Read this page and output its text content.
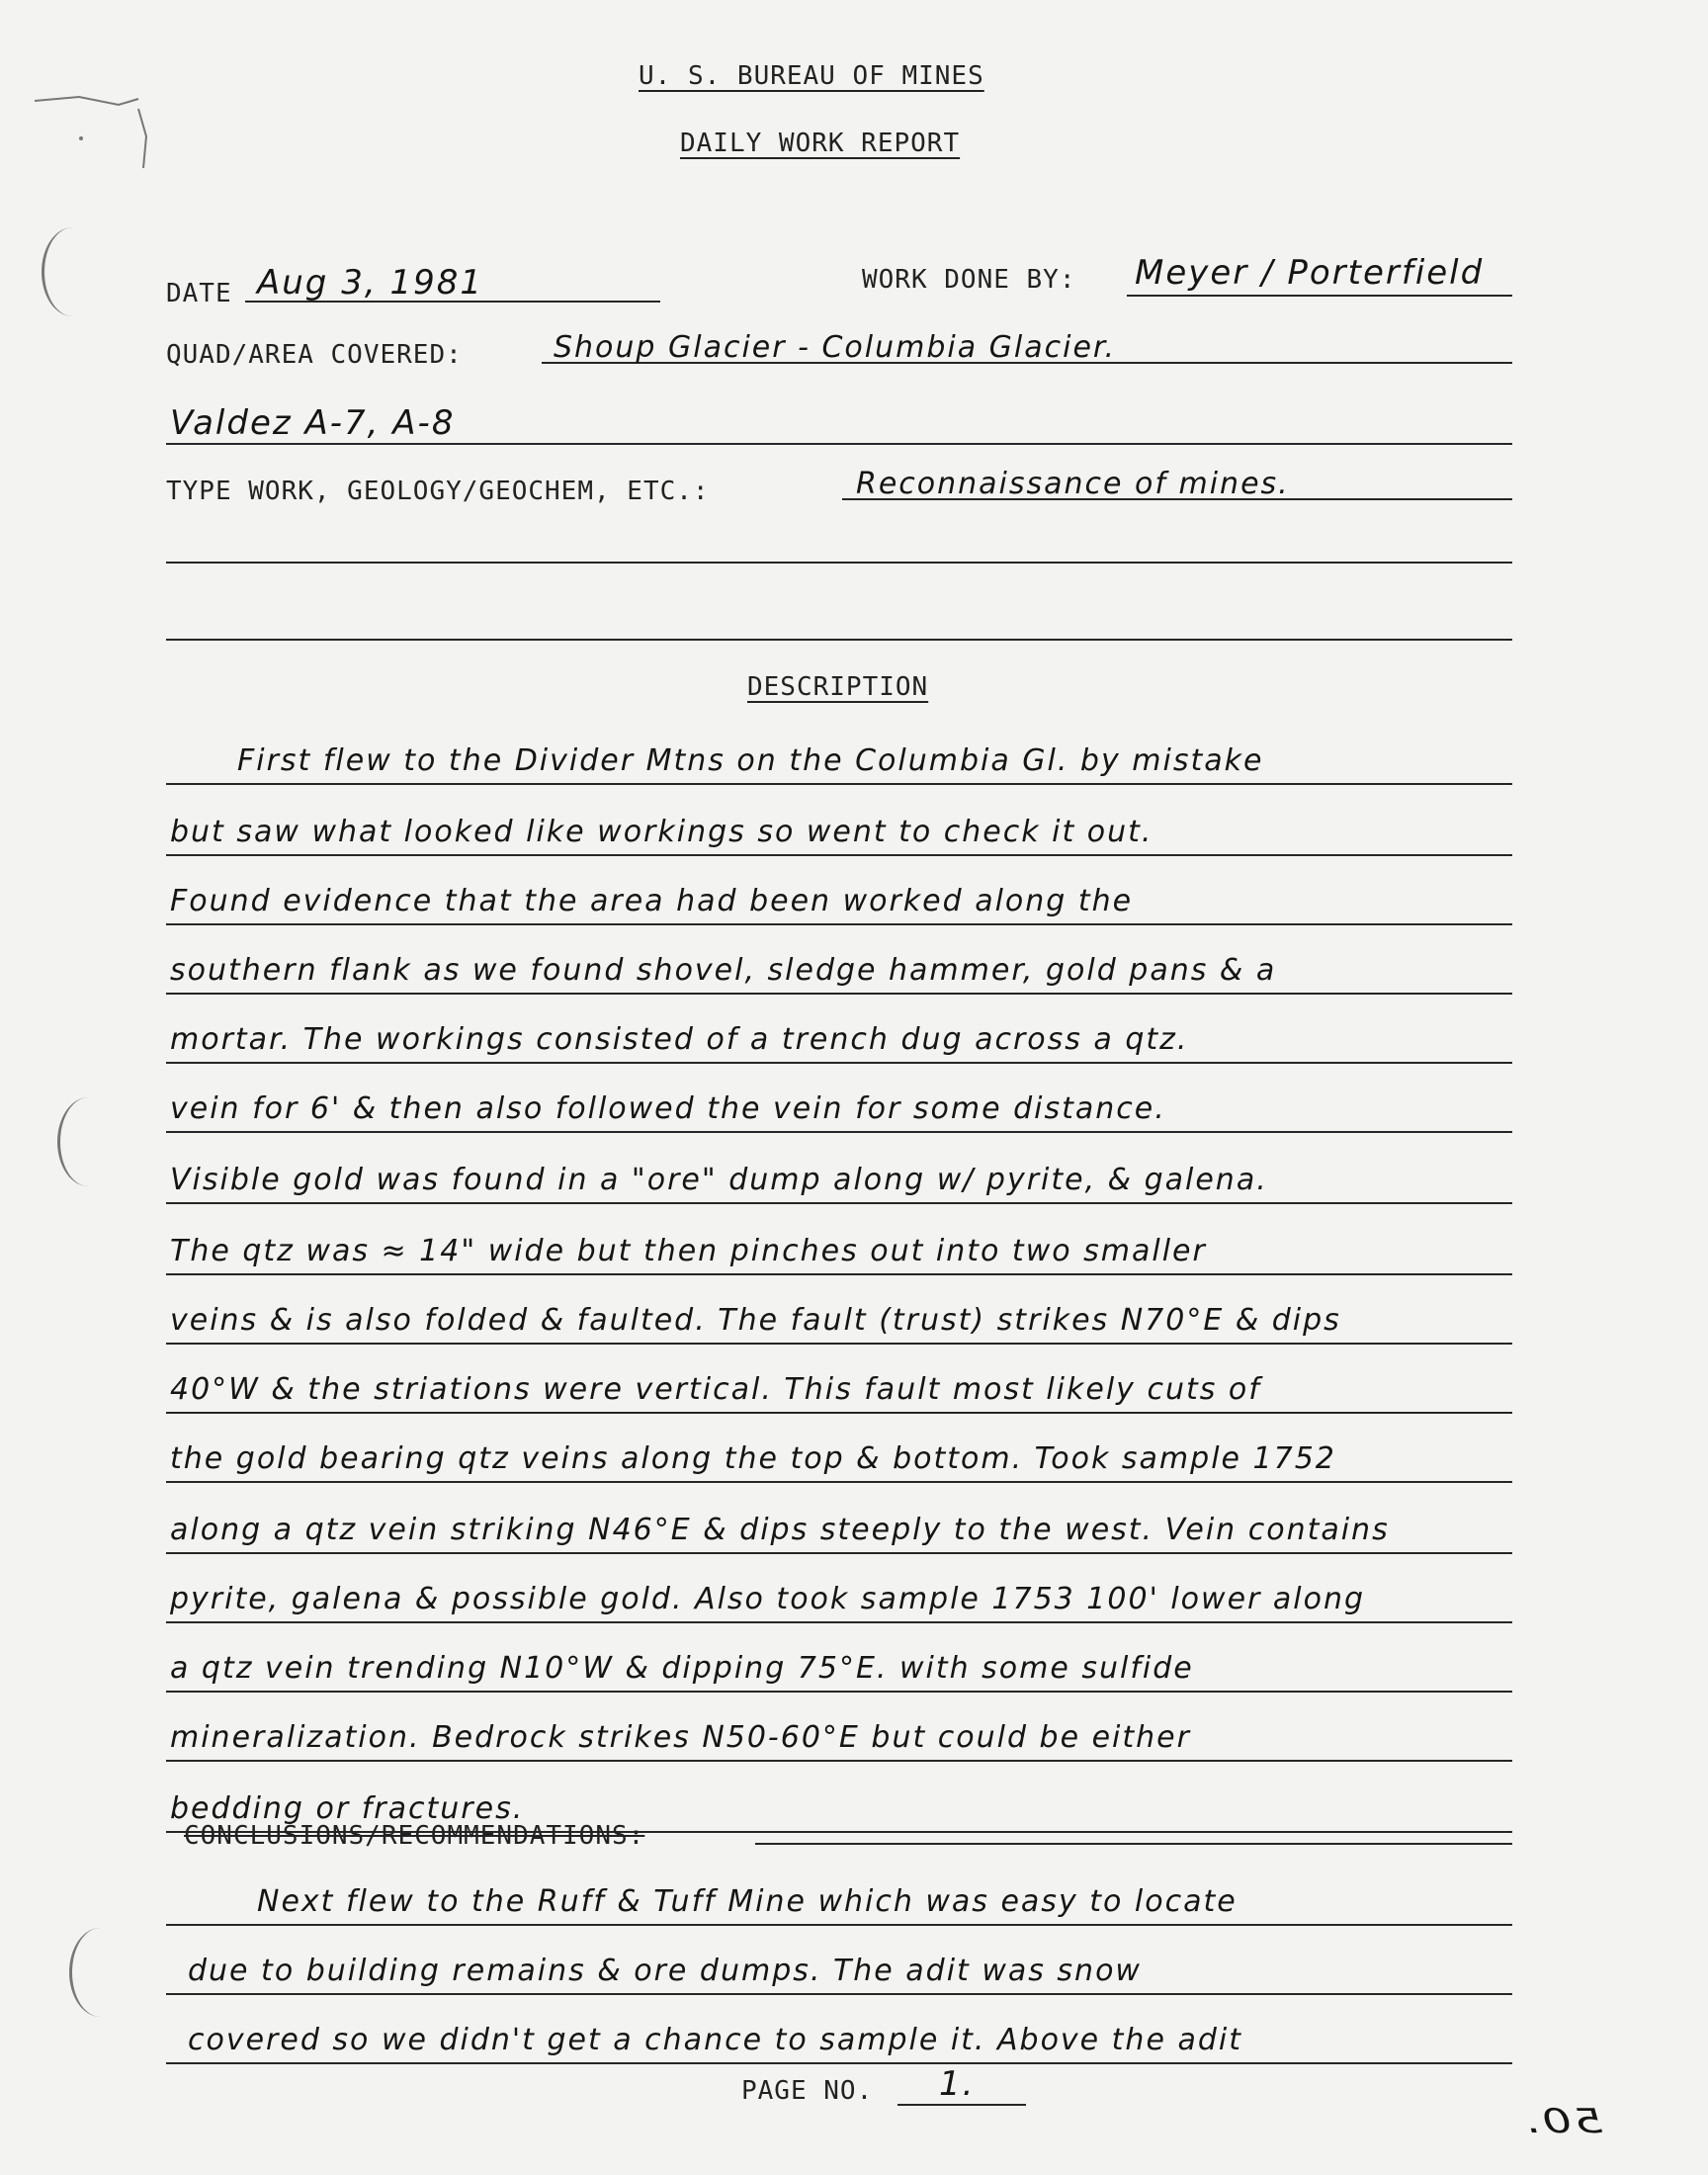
U. S. BUREAU OF MINES
DAILY WORK REPORT
DATE Aug 3, 1981	WORK DONE BY: Meyer / Porterfield
QUAD/AREA COVERED:	Shoup Glacier - Columbia Glacier.
Valdez A-7, A-8
TYPE WORK, GEOLOGY/GEOCHEM, ETC.:	Reconnaissance of mines.
DESCRIPTION
First flew to the Divider Mtns on the Columbia Gl. by mistake
but saw what looked like workings so went to check it out.
Found evidence that the area had been worked along the
southern flank as we found shovel, sledge hammer, gold pans & a
mortar. The workings consisted of a trench dug across a qtz.
vein for 6' & then also followed the vein for some distance.
Visible gold was found in a "ore" dump along w/ pyrite, & galena.
The qtz was ≈ 14" wide but then pinches out into two smaller
veins & is also folded & faulted. The fault (trust) strikes N70°E & dips
40°W & the striations were vertical. This fault most likely cuts of
the gold bearing qtz veins along the top & bottom. Took sample 1752
along a qtz vein striking N46°E & dips steeply to the west. Vein contains
pyrite, galena & possible gold. Also took sample 1753 100' lower along
a qtz vein trending N10°W & dipping 75°E. with some sulfide
mineralization. Bedrock strikes N50-60°E but could be either
bedding or fractures.
CONCLUSIONS/RECOMMENDATIONS:
Next flew to the Ruff & Tuff Mine which was easy to locate
due to building remains & ore dumps. The adit was snow
covered so we didn't get a chance to sample it. Above the adit
PAGE NO. 1.
50.
